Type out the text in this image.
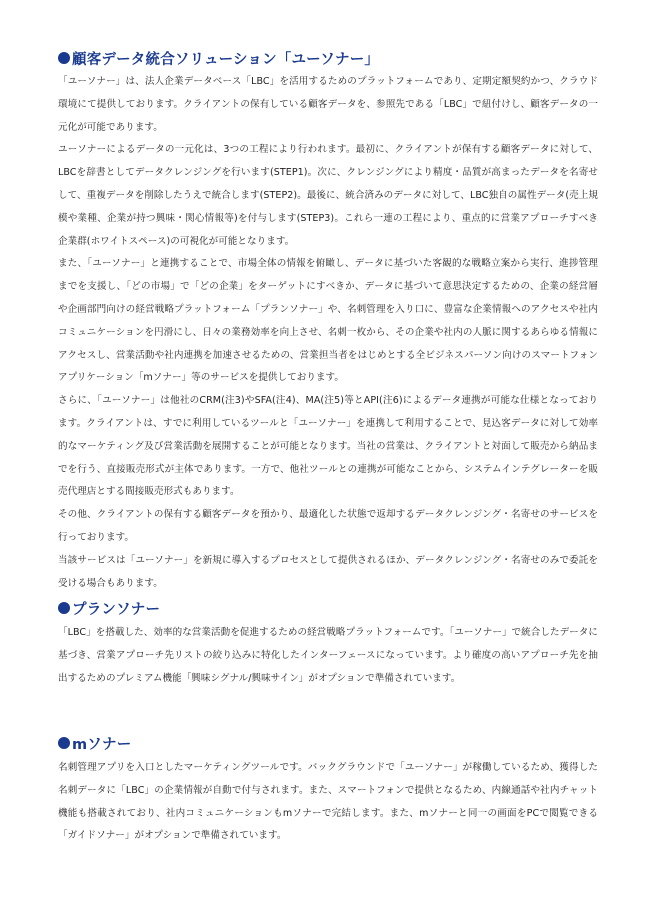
顧客データ統合ソリューション「ユーソナー」

「ユーソナー」は、法人企業データベース「LBC」を活用するためのプラットフォームであり、定期定額契約かつ、クラウド環境にて提供しております。クライアントの保有している顧客データを、参照先である「LBC」で紐付けし、顧客データの一元化が可能であります。

ユーソナーによるデータの一元化は、3つの工程により行われます。最初に、クライアントが保有する顧客データに対して、LBCを辞書としてデータクレンジングを行います(STEP1)。次に、クレンジングにより精度・品質が高まったデータを名寄せして、重複データを削除したうえで統合します(STEP2)。最後に、統合済みのデータに対して、LBC独自の属性データ(売上規模や業種、企業が持つ興味・関心情報等)を付与します(STEP3)。これら一連の工程により、重点的に営業アプローチすべき企業群(ホワイトスペース)の可視化が可能となります。

また、「ユーソナー」と連携することで、市場全体の情報を俯瞰し、データに基づいた客観的な戦略立案から実行、進捗管理までを支援し、「どの市場」で「どの企業」をターゲットにすべきか、データに基づいて意思決定するための、企業の経営層や企画部門向けの経営戦略プラットフォーム「プランソナー」や、名刺管理を入り口に、豊富な企業情報へのアクセスや社内コミュニケーションを円滑にし、日々の業務効率を向上させ、名刺一枚から、その企業や社内の人脈に関するあらゆる情報にアクセスし、営業活動や社内連携を加速させるための、営業担当者をはじめとする全ビジネスパーソン向けのスマートフォンアプリケーション「mソナー」等のサービスを提供しております。

さらに、「ユーソナー」は他社のCRM(注3)やSFA(注4)、MA(注5)等とAPI(注6)によるデータ連携が可能な仕様となっております。クライアントは、すでに利用しているツールと「ユーソナー」を連携して利用することで、見込客データに対して効率的なマーケティング及び営業活動を展開することが可能となります。当社の営業は、クライアントと対面して販売から納品までを行う、直接販売形式が主体であります。一方で、他社ツールとの連携が可能なことから、システムインテグレーターを販売代理店とする間接販売形式もあります。

その他、クライアントの保有する顧客データを預かり、最適化した状態で返却するデータクレンジング・名寄せのサービスを行っております。

当該サービスは「ユーソナー」を新規に導入するプロセスとして提供されるほか、データクレンジング・名寄せのみで委託を受ける場合もあります。

プランソナー

「LBC」を搭載した、効率的な営業活動を促進するための経営戦略プラットフォームです。「ユーソナー」で統合したデータに基づき、営業アプローチ先リストの絞り込みに特化したインターフェースになっています。より確度の高いアプローチ先を抽出するためのプレミアム機能「興味シグナル/興味サイン」がオプションで準備されています。

mソナー

名刺管理アプリを入口としたマーケティングツールです。バックグラウンドで「ユーソナー」が稼働しているため、獲得した名刺データに「LBC」の企業情報が自動で付与されます。また、スマートフォンで提供となるため、内線通話や社内チャット機能も搭載されており、社内コミュニケーションもmソナーで完結します。また、mソナーと同一の画面をPCで閲覧できる「ガイドソナー」がオプションで準備されています。
